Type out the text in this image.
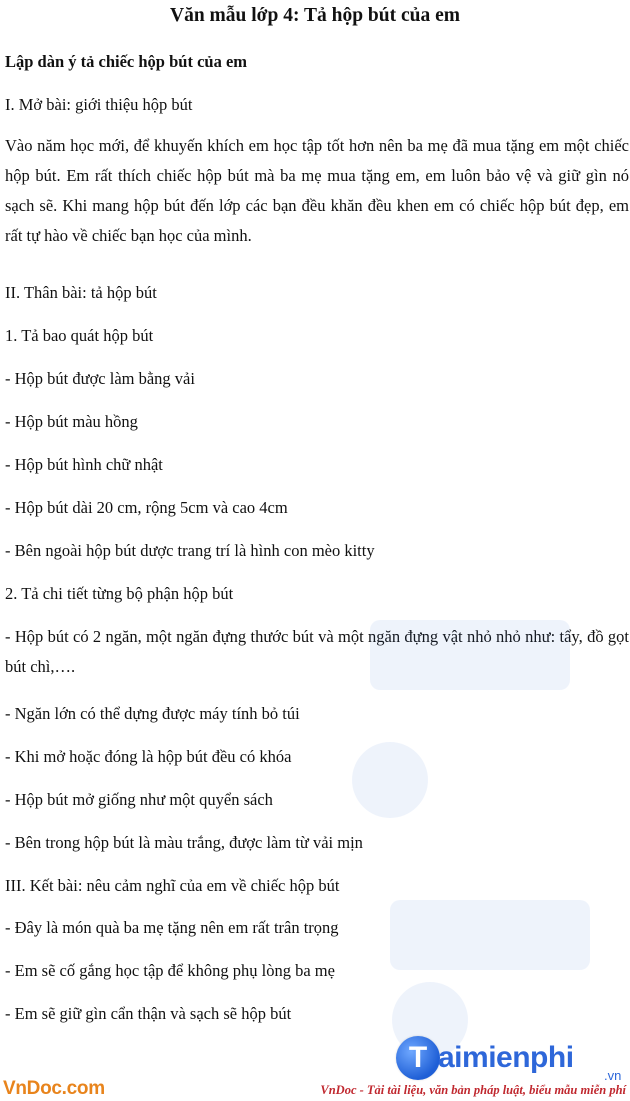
Văn mẫu lớp 4: Tả hộp bút của em

Lập dàn ý tả chiếc hộp bút của em

I. Mở bài: giới thiệu hộp bút

Vào năm học mới, để khuyến khích em học tập tốt hơn nên ba mẹ đã mua tặng em một chiếc hộp bút. Em rất thích chiếc hộp bút mà ba mẹ mua tặng em, em luôn bảo vệ và giữ gìn nó sạch sẽ. Khi mang hộp bút đến lớp các bạn đều khăn đều khen em có chiếc hộp bút đẹp, em rất tự hào về chiếc bạn học của mình.

II. Thân bài: tả hộp bút

1. Tả bao quát hộp bút

- Hộp bút được làm bằng vải

- Hộp bút màu hồng

- Hộp bút hình chữ nhật

- Hộp bút dài 20 cm, rộng 5cm và cao 4cm

- Bên ngoài hộp bút dược trang trí là hình con mèo kitty

2. Tả chi tiết từng bộ phận hộp bút

- Hộp bút có 2 ngăn, một ngăn đựng thước bút và một ngăn đựng vật nhỏ nhỏ như: tẩy, đồ gọt bút chì,….

- Ngăn lớn có thể dựng được máy tính bỏ túi

- Khi mở hoặc đóng là hộp bút đều có khóa

- Hộp bút mở giống như một quyển sách

- Bên trong hộp bút là màu trắng, được làm từ vải mịn

III. Kết bài: nêu cảm nghĩ của em về chiếc hộp bút

- Đây là món quà ba mẹ tặng nên em rất trân trọng

- Em sẽ cố gắng học tập để không phụ lòng ba mẹ

- Em sẽ giữ gìn cẩn thận và sạch sẽ hộp bút

T aimienphi
.vn
VnDoc.com	VnDoc - Tải tài liệu, văn bản pháp luật, biểu mẫu miễn phí
